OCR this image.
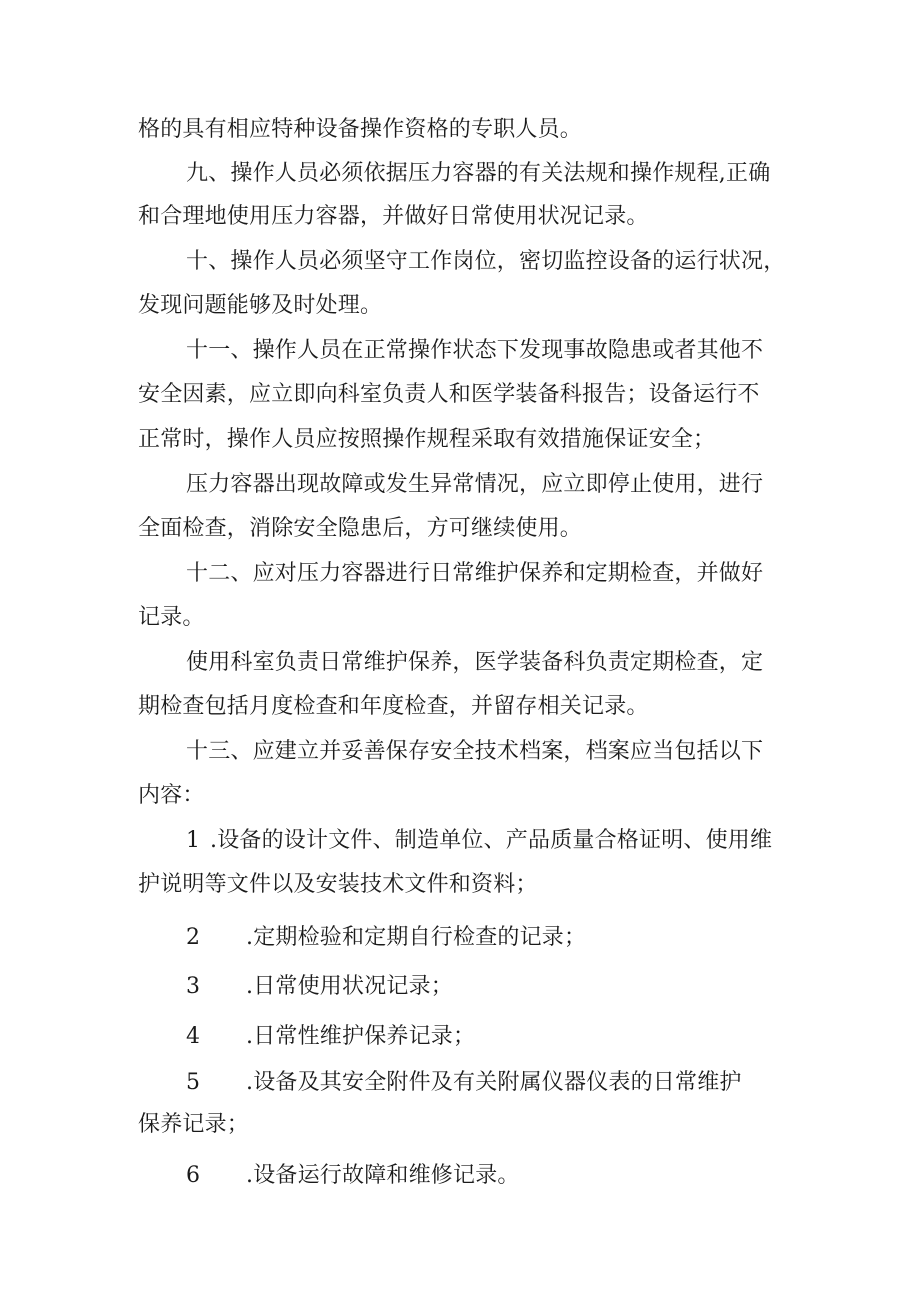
格的具有相应特种设备操作资格的专职人员。
九、操作人员必须依据压力容器的有关法规和操作规程,正确
和合理地使用压力容器，并做好日常使用状况记录。
十、操作人员必须坚守工作岗位，密切监控设备的运行状况，
发现问题能够及时处理。
十一、操作人员在正常操作状态下发现事故隐患或者其他不
安全因素，应立即向科室负责人和医学装备科报告；设备运行不
正常时，操作人员应按照操作规程采取有效措施保证安全；
压力容器出现故障或发生异常情况，应立即停止使用，进行
全面检查，消除安全隐患后，方可继续使用。
十二、应对压力容器进行日常维护保养和定期检查，并做好
记录。
使用科室负责日常维护保养，医学装备科负责定期检查，定
期检查包括月度检查和年度检查，并留存相关记录。
十三、应建立并妥善保存安全技术档案，档案应当包括以下
内容：
1 .设备的设计文件、制造单位、产品质量合格证明、使用维
护说明等文件以及安装技术文件和资料；
2 .定期检验和定期自行检查的记录；
3 .日常使用状况记录；
4 .日常性维护保养记录；
5 .设备及其安全附件及有关附属仪器仪表的日常维护
保养记录；
6 .设备运行故障和维修记录。
